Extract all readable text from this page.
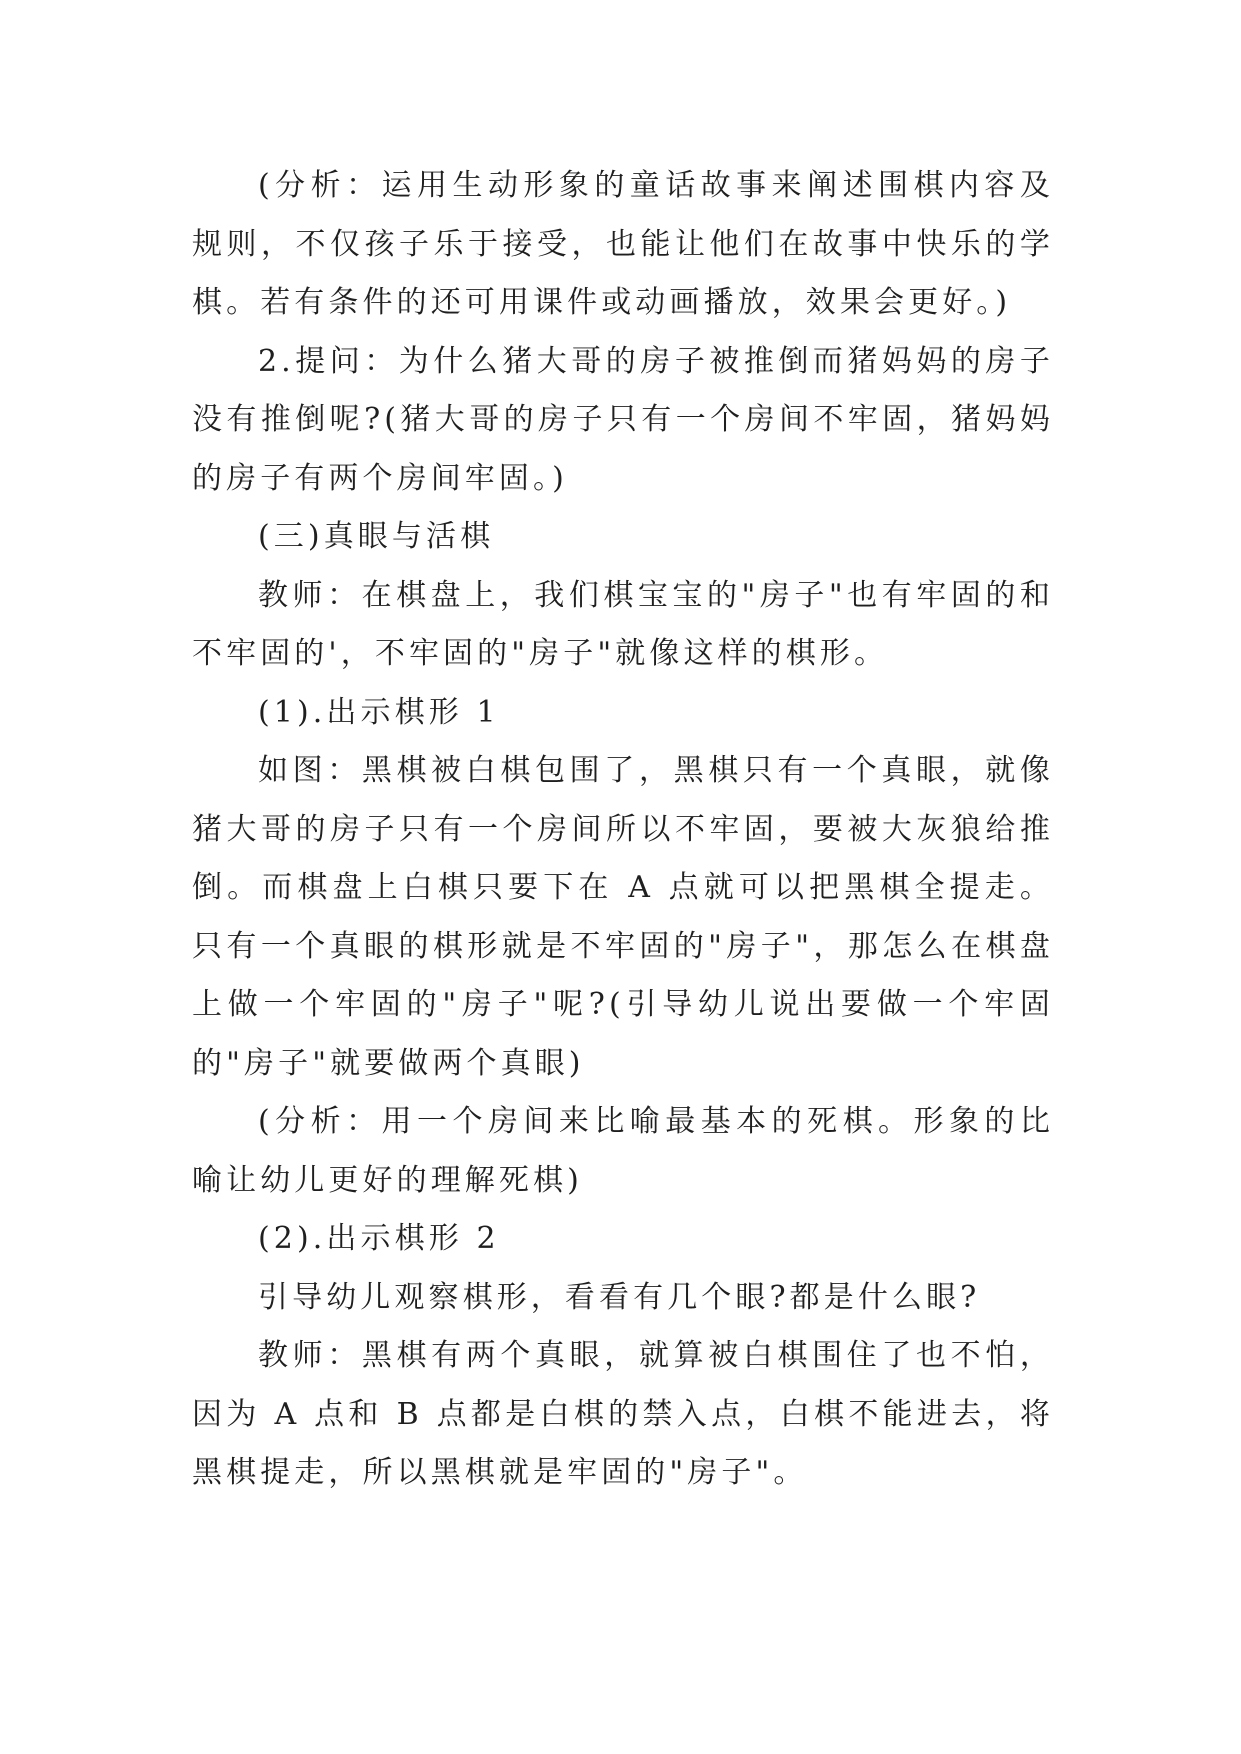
(分析：运用生动形象的童话故事来阐述围棋内容及规则，不仅孩子乐于接受，也能让他们在故事中快乐的学棋。若有条件的还可用课件或动画播放，效果会更好。)

2.提问：为什么猪大哥的房子被推倒而猪妈妈的房子没有推倒呢?(猪大哥的房子只有一个房间不牢固，猪妈妈的房子有两个房间牢固。)

(三)真眼与活棋

教师：在棋盘上，我们棋宝宝的"房子"也有牢固的和不牢固的'，不牢固的"房子"就像这样的棋形。

(1).出示棋形 1

如图：黑棋被白棋包围了，黑棋只有一个真眼，就像猪大哥的房子只有一个房间所以不牢固，要被大灰狼给推倒。而棋盘上白棋只要下在 A 点就可以把黑棋全提走。只有一个真眼的棋形就是不牢固的"房子"，那怎么在棋盘上做一个牢固的"房子"呢?(引导幼儿说出要做一个牢固的"房子"就要做两个真眼)

(分析：用一个房间来比喻最基本的死棋。形象的比喻让幼儿更好的理解死棋)

(2).出示棋形 2

引导幼儿观察棋形，看看有几个眼?都是什么眼?

教师：黑棋有两个真眼，就算被白棋围住了也不怕，因为 A 点和 B 点都是白棋的禁入点，白棋不能进去，将黑棋提走，所以黑棋就是牢固的"房子"。
